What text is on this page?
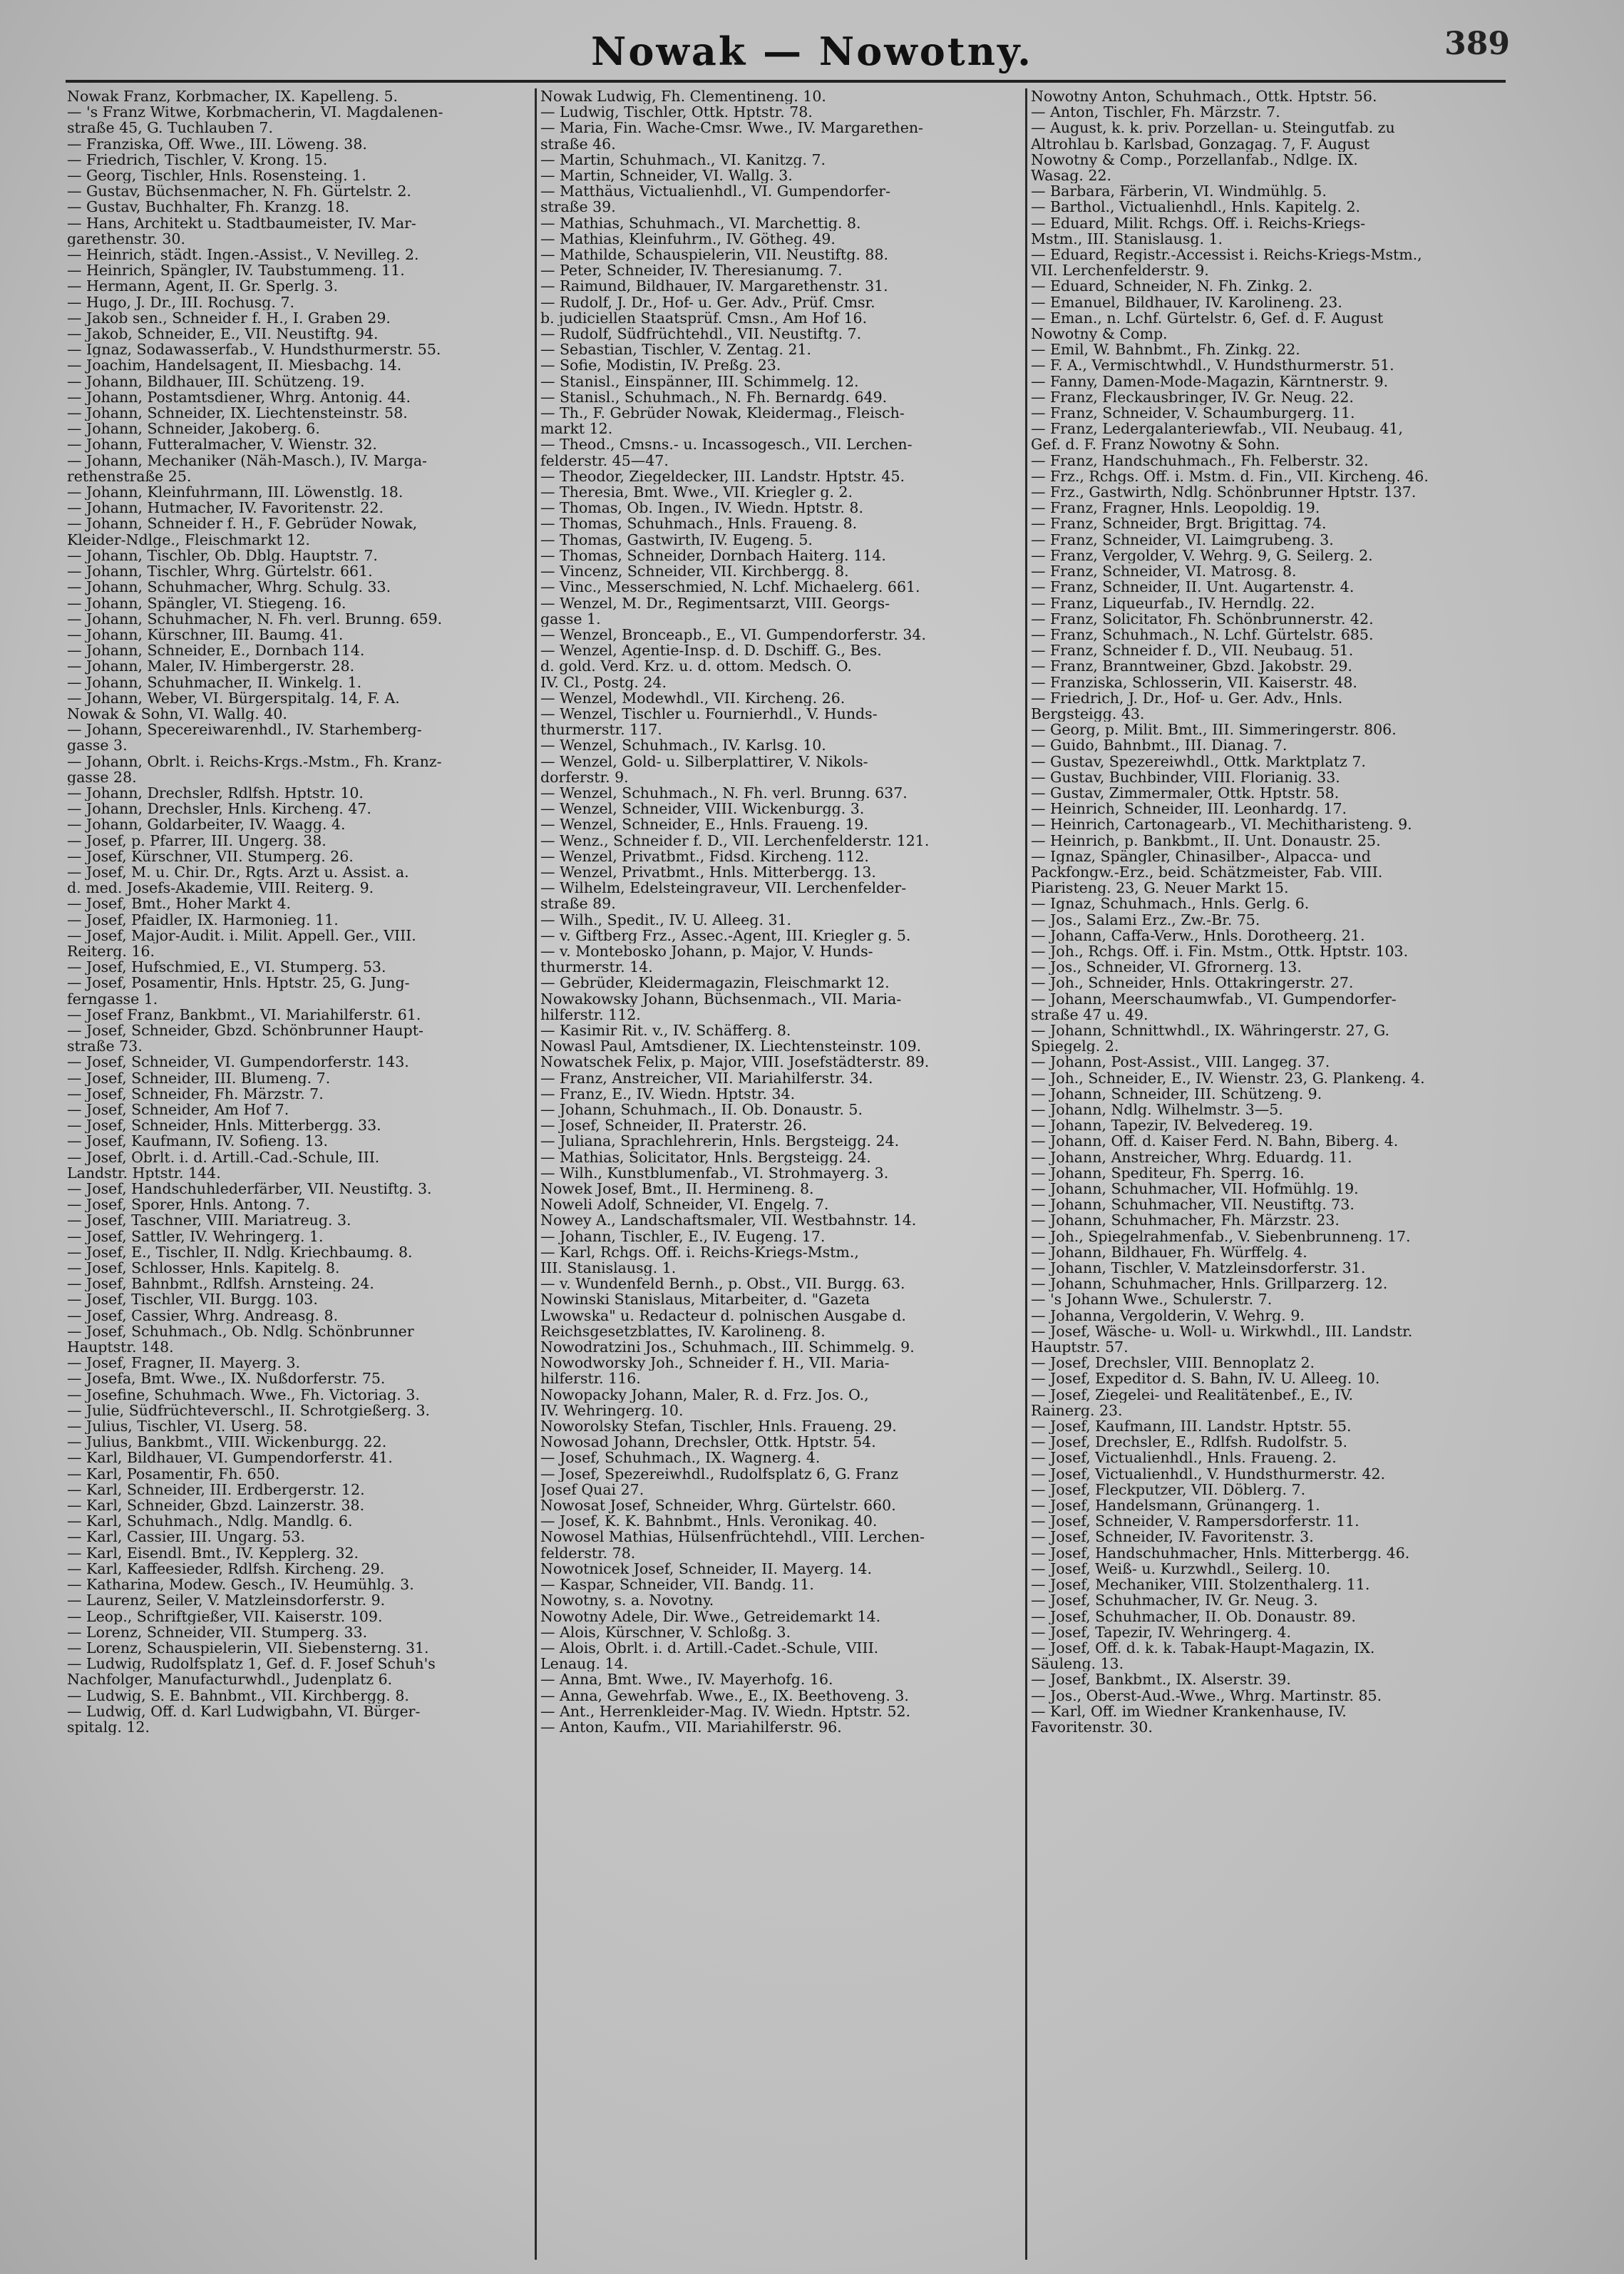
Nowak — Nowotny.	389
Nowak Franz, Korbmacher, IX. Kapelleng. 5.
— 's Franz Witwe, Korbmacherin, VI. Magdalenen-
straße 45, G. Tuchlauben 7.
— Franziska, Off. Wwe., III. Löweng. 38.
— Friedrich, Tischler, V. Krong. 15.
— Georg, Tischler, Hnls. Rosensteing. 1.
— Gustav, Büchsenmacher, N. Fh. Gürtelstr. 2.
— Gustav, Buchhalter, Fh. Kranzg. 18.
— Hans, Architekt u. Stadtbaumeister, IV. Mar-
garethenstr. 30.
— Heinrich, städt. Ingen.-Assist., V. Nevilleg. 2.
— Heinrich, Spängler, IV. Taubstummeng. 11.
— Hermann, Agent, II. Gr. Sperlg. 3.
— Hugo, J. Dr., III. Rochusg. 7.
— Jakob sen., Schneider f. H., I. Graben 29.
— Jakob, Schneider, E., VII. Neustiftg. 94.
— Ignaz, Sodawasserfab., V. Hundsthurmerstr. 55.
— Joachim, Handelsagent, II. Miesbachg. 14.
— Johann, Bildhauer, III. Schützeng. 19.
— Johann, Postamtsdiener, Whrg. Antonig. 44.
— Johann, Schneider, IX. Liechtensteinstr. 58.
— Johann, Schneider, Jakoberg. 6.
— Johann, Futteralmacher, V. Wienstr. 32.
— Johann, Mechaniker (Näh-Masch.), IV. Marga-
rethenstraße 25.
— Johann, Kleinfuhrmann, III. Löwenstlg. 18.
— Johann, Hutmacher, IV. Favoritenstr. 22.
— Johann, Schneider f. H., F. Gebrüder Nowak,
Kleider-Ndlge., Fleischmarkt 12.
— Johann, Tischler, Ob. Dblg. Hauptstr. 7.
— Johann, Tischler, Whrg. Gürtelstr. 661.
— Johann, Schuhmacher, Whrg. Schulg. 33.
— Johann, Spängler, VI. Stiegeng. 16.
— Johann, Schuhmacher, N. Fh. verl. Brunng. 659.
— Johann, Kürschner, III. Baumg. 41.
— Johann, Schneider, E., Dornbach 114.
— Johann, Maler, IV. Himbergerstr. 28.
— Johann, Schuhmacher, II. Winkelg. 1.
— Johann, Weber, VI. Bürgerspitalg. 14, F. A.
Nowak & Sohn, VI. Wallg. 40.
— Johann, Specereiwarenhdl., IV. Starhemberg-
gasse 3.
— Johann, Obrlt. i. Reichs-Krgs.-Mstm., Fh. Kranz-
gasse 28.
— Johann, Drechsler, Rdlfsh. Hptstr. 10.
— Johann, Drechsler, Hnls. Kircheng. 47.
— Johann, Goldarbeiter, IV. Waagg. 4.
— Josef, p. Pfarrer, III. Ungerg. 38.
— Josef, Kürschner, VII. Stumperg. 26.
— Josef, M. u. Chir. Dr., Rgts. Arzt u. Assist. a.
d. med. Josefs-Akademie, VIII. Reiterg. 9.
— Josef, Bmt., Hoher Markt 4.
— Josef, Pfaidler, IX. Harmonieg. 11.
— Josef, Major-Audit. i. Milit. Appell. Ger., VIII.
Reiterg. 16.
— Josef, Hufschmied, E., VI. Stumperg. 53.
— Josef, Posamentir, Hnls. Hptstr. 25, G. Jung-
ferngasse 1.
— Josef Franz, Bankbmt., VI. Mariahilferstr. 61.
— Josef, Schneider, Gbzd. Schönbrunner Haupt-
straße 73.
— Josef, Schneider, VI. Gumpendorferstr. 143.
— Josef, Schneider, III. Blumeng. 7.
— Josef, Schneider, Fh. Märzstr. 7.
— Josef, Schneider, Am Hof 7.
— Josef, Schneider, Hnls. Mitterbergg. 33.
— Josef, Kaufmann, IV. Sofieng. 13.
— Josef, Obrlt. i. d. Artill.-Cad.-Schule, III.
Landstr. Hptstr. 144.
— Josef, Handschuhlederfärber, VII. Neustiftg. 3.
— Josef, Sporer, Hnls. Antong. 7.
— Josef, Taschner, VIII. Mariatreug. 3.
— Josef, Sattler, IV. Wehringerg. 1.
— Josef, E., Tischler, II. Ndlg. Kriechbaumg. 8.
— Josef, Schlosser, Hnls. Kapitelg. 8.
— Josef, Bahnbmt., Rdlfsh. Arnsteing. 24.
— Josef, Tischler, VII. Burgg. 103.
— Josef, Cassier, Whrg. Andreasg. 8.
— Josef, Schuhmach., Ob. Ndlg. Schönbrunner
Hauptstr. 148.
— Josef, Fragner, II. Mayerg. 3.
— Josefa, Bmt. Wwe., IX. Nußdorferstr. 75.
— Josefine, Schuhmach. Wwe., Fh. Victoriag. 3.
— Julie, Südfrüchteverschl., II. Schrotgießerg. 3.
— Julius, Tischler, VI. Userg. 58.
— Julius, Bankbmt., VIII. Wickenburgg. 22.
— Karl, Bildhauer, VI. Gumpendorferstr. 41.
— Karl, Posamentir, Fh. 650.
— Karl, Schneider, III. Erdbergerstr. 12.
— Karl, Schneider, Gbzd. Lainzerstr. 38.
— Karl, Schuhmach., Ndlg. Mandlg. 6.
— Karl, Cassier, III. Ungarg. 53.
— Karl, Eisendl. Bmt., IV. Kepplerg. 32.
— Karl, Kaffeesieder, Rdlfsh. Kircheng. 29.
— Katharina, Modew. Gesch., IV. Heumühlg. 3.
— Laurenz, Seiler, V. Matzleinsdorferstr. 9.
— Leop., Schriftgießer, VII. Kaiserstr. 109.
— Lorenz, Schneider, VII. Stumperg. 33.
— Lorenz, Schauspielerin, VII. Siebensterng. 31.
— Ludwig, Rudolfsplatz 1, Gef. d. F. Josef Schuh's
Nachfolger, Manufacturwhdl., Judenplatz 6.
— Ludwig, S. E. Bahnbmt., VII. Kirchbergg. 8.
— Ludwig, Off. d. Karl Ludwigbahn, VI. Bürger-
spitalg. 12.
Nowak Ludwig, Fh. Clementineng. 10.
— Ludwig, Tischler, Ottk. Hptstr. 78.
— Maria, Fin. Wache-Cmsr. Wwe., IV. Margarethen-
straße 46.
— Martin, Schuhmach., VI. Kanitzg. 7.
— Martin, Schneider, VI. Wallg. 3.
— Matthäus, Victualienhdl., VI. Gumpendorfer-
straße 39.
— Mathias, Schuhmach., VI. Marchettig. 8.
— Mathias, Kleinfuhrm., IV. Götheg. 49.
— Mathilde, Schauspielerin, VII. Neustiftg. 88.
— Peter, Schneider, IV. Theresianumg. 7.
— Raimund, Bildhauer, IV. Margarethenstr. 31.
— Rudolf, J. Dr., Hof- u. Ger. Adv., Prüf. Cmsr.
b. judiciellen Staatsprüf. Cmsn., Am Hof 16.
— Rudolf, Südfrüchtehdl., VII. Neustiftg. 7.
— Sebastian, Tischler, V. Zentag. 21.
— Sofie, Modistin, IV. Preßg. 23.
— Stanisl., Einspänner, III. Schimmelg. 12.
— Stanisl., Schuhmach., N. Fh. Bernardg. 649.
— Th., F. Gebrüder Nowak, Kleidermag., Fleisch-
markt 12.
— Theod., Cmsns.- u. Incassogesch., VII. Lerchen-
felderstr. 45—47.
— Theodor, Ziegeldecker, III. Landstr. Hptstr. 45.
— Theresia, Bmt. Wwe., VII. Kriegler g. 2.
— Thomas, Ob. Ingen., IV. Wiedn. Hptstr. 8.
— Thomas, Schuhmach., Hnls. Fraueng. 8.
— Thomas, Gastwirth, IV. Eugeng. 5.
— Thomas, Schneider, Dornbach Haiterg. 114.
— Vincenz, Schneider, VII. Kirchbergg. 8.
— Vinc., Messerschmied, N. Lchf. Michaelerg. 661.
— Wenzel, M. Dr., Regimentsarzt, VIII. Georgs-
gasse 1.
— Wenzel, Bronceарb., E., VI. Gumpendorferstr. 34.
— Wenzel, Agentie-Insp. d. D. Dschiff. G., Bes.
d. gold. Verd. Krz. u. d. ottom. Medsch. O.
IV. Cl., Postg. 24.
— Wenzel, Modewhdl., VII. Kircheng. 26.
— Wenzel, Tischler u. Fournierhdl., V. Hunds-
thurmerstr. 117.
— Wenzel, Schuhmach., IV. Karlsg. 10.
— Wenzel, Gold- u. Silberplattirer, V. Nikols-
dorferstr. 9.
— Wenzel, Schuhmach., N. Fh. verl. Brunng. 637.
— Wenzel, Schneider, VIII. Wickenburgg. 3.
— Wenzel, Schneider, E., Hnls. Fraueng. 19.
— Wenz., Schneider f. D., VII. Lerchenfelderstr. 121.
— Wenzel, Privatbmt., Fidsd. Kircheng. 112.
— Wenzel, Privatbmt., Hnls. Mitterbergg. 13.
— Wilhelm, Edelsteingraveur, VII. Lerchenfelder-
straße 89.
— Wilh., Spedit., IV. U. Alleeg. 31.
— v. Giftberg Frz., Assec.-Agent, III. Kriegler g. 5.
— v. Montebosko Johann, p. Major, V. Hunds-
thurmerstr. 14.
— Gebrüder, Kleidermagazin, Fleischmarkt 12.
Nowakowsky Johann, Büchsenmach., VII. Maria-
hilferstr. 112.
— Kasimir Rit. v., IV. Schäfferg. 8.
Nowasl Paul, Amtsdiener, IX. Liechtensteinstr. 109.
Nowatschek Felix, p. Major, VIII. Josefstädterstr. 89.
— Franz, Anstreicher, VII. Mariahilferstr. 34.
— Franz, E., IV. Wiedn. Hptstr. 34.
— Johann, Schuhmach., II. Ob. Donaustr. 5.
— Josef, Schneider, II. Praterstr. 26.
— Juliana, Sprachlehrerin, Hnls. Bergsteigg. 24.
— Mathias, Solicitator, Hnls. Bergsteigg. 24.
— Wilh., Kunstblumenfab., VI. Strohmayerg. 3.
Nowek Josef, Bmt., II. Hermineng. 8.
Noweli Adolf, Schneider, VI. Engelg. 7.
Nowey A., Landschaftsmaler, VII. Westbahnstr. 14.
— Johann, Tischler, E., IV. Eugeng. 17.
— Karl, Rchgs. Off. i. Reichs-Kriegs-Mstm.,
III. Stanislausg. 1.
— v. Wundenfeld Bernh., p. Obst., VII. Burgg. 63.
Nowinski Stanislaus, Mitarbeiter, d. "Gazeta
Lwowska" u. Redacteur d. polnischen Ausgabe d.
Reichsgesetzblattes, IV. Karolineng. 8.
Nowodratzini Jos., Schuhmach., III. Schimmelg. 9.
Nowodworsky Joh., Schneider f. H., VII. Maria-
hilferstr. 116.
Nowopacky Johann, Maler, R. d. Frz. Jos. O.,
IV. Wehringerg. 10.
Noworolsky Stefan, Tischler, Hnls. Fraueng. 29.
Nowosad Johann, Drechsler, Ottk. Hptstr. 54.
— Josef, Schuhmach., IX. Wagnerg. 4.
— Josef, Spezereiwhdl., Rudolfsplatz 6, G. Franz
Josef Quai 27.
Nowosat Josef, Schneider, Whrg. Gürtelstr. 660.
— Josef, K. K. Bahnbmt., Hnls. Veronikag. 40.
Nowosel Mathias, Hülsenfrüchtehdl., VIII. Lerchen-
felderstr. 78.
Nowotnicek Josef, Schneider, II. Mayerg. 14.
— Kaspar, Schneider, VII. Bandg. 11.
Nowotny, s. a. Novotny.
Nowotny Adele, Dir. Wwe., Getreidemarkt 14.
— Alois, Kürschner, V. Schloßg. 3.
— Alois, Obrlt. i. d. Artill.-Cadet.-Schule, VIII.
Lenaug. 14.
— Anna, Bmt. Wwe., IV. Mayerhofg. 16.
— Anna, Gewehrfab. Wwe., E., IX. Beethoveng. 3.
— Ant., Herrenkleider-Mag. IV. Wiedn. Hptstr. 52.
— Anton, Kaufm., VII. Mariahilferstr. 96.
Nowotny Anton, Schuhmach., Ottk. Hptstr. 56.
— Anton, Tischler, Fh. Märzstr. 7.
— August, k. k. priv. Porzellan- u. Steingutfab. zu
Altrohlau b. Karlsbad, Gonzagag. 7, F. August
Nowotny & Comp., Porzellanfab., Ndlge. IX.
Wasag. 22.
— Barbara, Färberin, VI. Windmühlg. 5.
— Barthol., Victualienhdl., Hnls. Kapitelg. 2.
— Eduard, Milit. Rchgs. Off. i. Reichs-Kriegs-
Mstm., III. Stanislausg. 1.
— Eduard, Registr.-Accessist i. Reichs-Kriegs-Mstm.,
VII. Lerchenfelderstr. 9.
— Eduard, Schneider, N. Fh. Zinkg. 2.
— Emanuel, Bildhauer, IV. Karolineng. 23.
— Eman., n. Lchf. Gürtelstr. 6, Gef. d. F. August
Nowotny & Comp.
— Emil, W. Bahnbmt., Fh. Zinkg. 22.
— F. A., Vermischtwhdl., V. Hundsthurmerstr. 51.
— Fanny, Damen-Mode-Magazin, Kärntnerstr. 9.
— Franz, Fleckausbringer, IV. Gr. Neug. 22.
— Franz, Schneider, V. Schaumburgerg. 11.
— Franz, Ledergalanteriewfab., VII. Neubaug. 41,
Gef. d. F. Franz Nowotny & Sohn.
— Franz, Handschuhmach., Fh. Felberstr. 32.
— Frz., Rchgs. Off. i. Mstm. d. Fin., VII. Kircheng. 46.
— Frz., Gastwirth, Ndlg. Schönbrunner Hptstr. 137.
— Franz, Fragner, Hnls. Leopoldig. 19.
— Franz, Schneider, Brgt. Brigittag. 74.
— Franz, Schneider, VI. Laimgrubeng. 3.
— Franz, Vergolder, V. Wehrg. 9, G. Seilerg. 2.
— Franz, Schneider, VI. Matrosg. 8.
— Franz, Schneider, II. Unt. Augartenstr. 4.
— Franz, Liqueurfab., IV. Herndlg. 22.
— Franz, Solicitator, Fh. Schönbrunnerstr. 42.
— Franz, Schuhmach., N. Lchf. Gürtelstr. 685.
— Franz, Schneider f. D., VII. Neubaug. 51.
— Franz, Branntweiner, Gbzd. Jakobstr. 29.
— Franziska, Schlosserin, VII. Kaiserstr. 48.
— Friedrich, J. Dr., Hof- u. Ger. Adv., Hnls.
Bergsteigg. 43.
— Georg, p. Milit. Bmt., III. Simmeringerstr. 806.
— Guido, Bahnbmt., III. Dianag. 7.
— Gustav, Spezereiwhdl., Ottk. Marktplatz 7.
— Gustav, Buchbinder, VIII. Florianig. 33.
— Gustav, Zimmermaler, Ottk. Hptstr. 58.
— Heinrich, Schneider, III. Leonhardg. 17.
— Heinrich, Cartonagearb., VI. Mechitharisteng. 9.
— Heinrich, p. Bankbmt., II. Unt. Donaustr. 25.
— Ignaz, Spängler, Chinasilber-, Alpacca- und
Packfongw.-Erz., beid. Schätzmeister, Fab. VIII.
Piaristeng. 23, G. Neuer Markt 15.
— Ignaz, Schuhmach., Hnls. Gerlg. 6.
— Jos., Salami Erz., Zw.-Br. 75.
— Johann, Caffa-Verw., Hnls. Dorotheerg. 21.
— Joh., Rchgs. Off. i. Fin. Mstm., Ottk. Hptstr. 103.
— Jos., Schneider, VI. Gfrornerg. 13.
— Joh., Schneider, Hnls. Ottakringerstr. 27.
— Johann, Meerschaumwfab., VI. Gumpendorfer-
straße 47 u. 49.
— Johann, Schnittwhdl., IX. Währingerstr. 27, G.
Spiegelg. 2.
— Johann, Post-Assist., VIII. Langeg. 37.
— Joh., Schneider, E., IV. Wienstr. 23, G. Plankeng. 4.
— Johann, Schneider, III. Schützeng. 9.
— Johann, Ndlg. Wilhelmstr. 3—5.
— Johann, Tapezir, IV. Belvedereg. 19.
— Johann, Off. d. Kaiser Ferd. N. Bahn, Biberg. 4.
— Johann, Anstreicher, Whrg. Eduardg. 11.
— Johann, Spediteur, Fh. Sperrg. 16.
— Johann, Schuhmacher, VII. Hofmühlg. 19.
— Johann, Schuhmacher, VII. Neustiftg. 73.
— Johann, Schuhmacher, Fh. Märzstr. 23.
— Joh., Spiegelrahmenfab., V. Siebenbrunneng. 17.
— Johann, Bildhauer, Fh. Würffelg. 4.
— Johann, Tischler, V. Matzleinsdorferstr. 31.
— Johann, Schuhmacher, Hnls. Grillparzerg. 12.
— 's Johann Wwe., Schulerstr. 7.
— Johanna, Vergolderin, V. Wehrg. 9.
— Josef, Wäsche- u. Woll- u. Wirkwhdl., III. Landstr.
Hauptstr. 57.
— Josef, Drechsler, VIII. Bennoplatz 2.
— Josef, Expeditor d. S. Bahn, IV. U. Alleeg. 10.
— Josef, Ziegelei- und Realitätenbef., E., IV.
Rainerg. 23.
— Josef, Kaufmann, III. Landstr. Hptstr. 55.
— Josef, Drechsler, E., Rdlfsh. Rudolfstr. 5.
— Josef, Victualienhdl., Hnls. Fraueng. 2.
— Josef, Victualienhdl., V. Hundsthurmerstr. 42.
— Josef, Fleckputzer, VII. Döblerg. 7.
— Josef, Handelsmann, Grünangerg. 1.
— Josef, Schneider, V. Rampersdorferstr. 11.
— Josef, Schneider, IV. Favoritenstr. 3.
— Josef, Handschuhmacher, Hnls. Mitterbergg. 46.
— Josef, Weiß- u. Kurzwhdl., Seilerg. 10.
— Josef, Mechaniker, VIII. Stolzenthalerg. 11.
— Josef, Schuhmacher, IV. Gr. Neug. 3.
— Josef, Schuhmacher, II. Ob. Donaustr. 89.
— Josef, Tapezir, IV. Wehringerg. 4.
— Josef, Off. d. k. k. Tabak-Haupt-Magazin, IX.
Säuleng. 13.
— Josef, Bankbmt., IX. Alserstr. 39.
— Jos., Oberst-Aud.-Wwe., Whrg. Martinstr. 85.
— Karl, Off. im Wiedner Krankenhause, IV.
Favoritenstr. 30.
